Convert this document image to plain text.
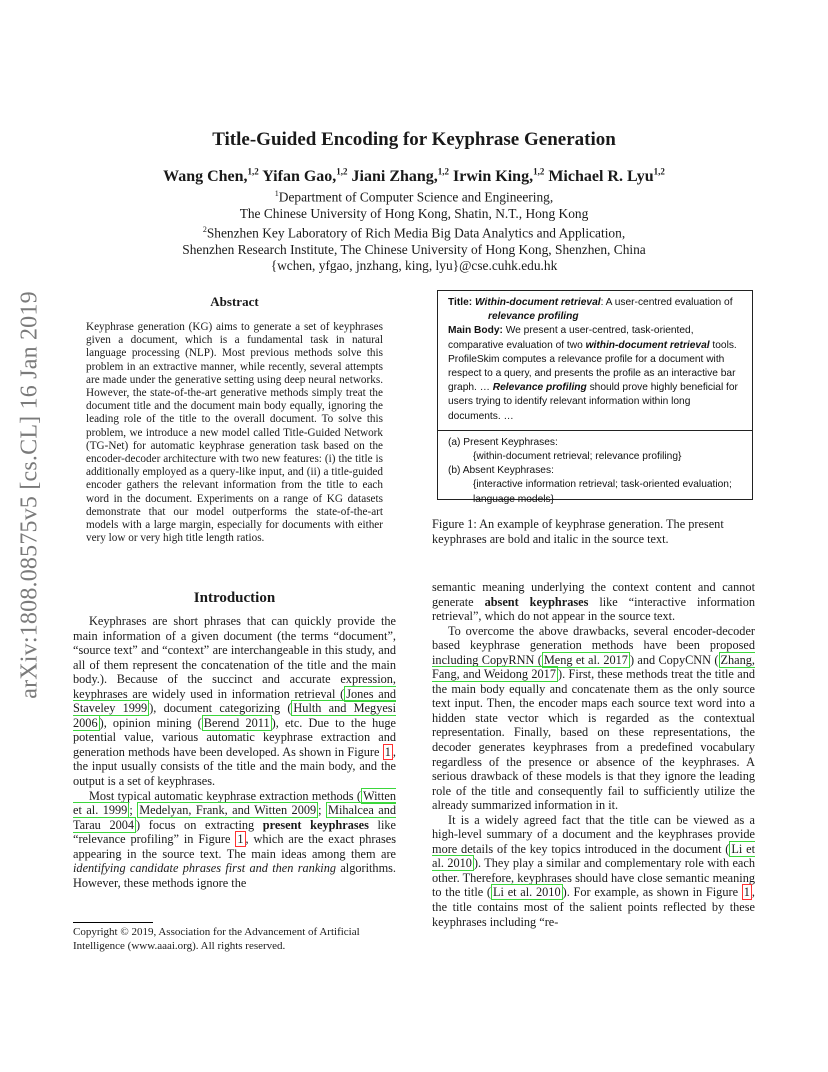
arXiv:1808.08575v5 [cs.CL] 16 Jan 2019
Title-Guided Encoding for Keyphrase Generation
Wang Chen,$^{1,2}$ Yifan Gao,$^{1,2}$ Jiani Zhang,$^{1,2}$ Irwin King,$^{1,2}$ Michael R. Lyu$^{1,2}$
$^1$Department of Computer Science and Engineering,
The Chinese University of Hong Kong, Shatin, N.T., Hong Kong
$^2$Shenzhen Key Laboratory of Rich Media Big Data Analytics and Application,
Shenzhen Research Institute, The Chinese University of Hong Kong, Shenzhen, China
{wchen, yfgao, jnzhang, king, lyu}@cse.cuhk.edu.hk
Abstract
Keyphrase generation (KG) aims to generate a set of keyphrases given a document, which is a fundamental task in natural language processing (NLP). Most previous methods solve this problem in an extractive manner, while recently, several attempts are made under the generative setting using deep neural networks. However, the state-of-the-art generative methods simply treat the document title and the document main body equally, ignoring the leading role of the title to the overall document. To solve this problem, we introduce a new model called Title-Guided Network (TG-Net) for automatic keyphrase generation task based on the encoder-decoder architecture with two new features: (i) the title is additionally employed as a query-like input, and (ii) a title-guided encoder gathers the relevant information from the title to each word in the document. Experiments on a range of KG datasets demonstrate that our model outperforms the state-of-the-art models with a large margin, especially for documents with either very low or very high title length ratios.
Introduction

Keyphrases are short phrases that can quickly provide the main information of a given document (the terms “document”, “source text” and “context” are interchangeable in this study, and all of them represent the concatenation of the title and the main body.). Because of the succinct and accurate expression, keyphrases are widely used in information retrieval ( Jones and Staveley 1999 ), document categorizing ( Hulth and Megyesi 2006 ), opinion mining ( Berend 2011 ), etc. Due to the huge potential value, various automatic keyphrase extraction and generation methods have been developed. As shown in Figure 1 , the input usually consists of the title and the main body, and the output is a set of keyphrases.

Most typical automatic keyphrase extraction methods ( Witten et al. 1999 ; Medelyan, Frank, and Witten 2009 ; Mihalcea and Tarau 2004 ) focus on extracting present keyphrases like “relevance profiling” in Figure 1 , which are the exact phrases appearing in the source text. The main ideas among them are identifying candidate phrases first and then ranking algorithms. However, these methods ignore the

Copyright © 2019, Association for the Advancement of Artificial Intelligence (www.aaai.org). All rights reserved.
Title: Within-document retrieval: A user-centred evaluation of
relevance profiling
Main Body: We present a user-centred, task-oriented, comparative evaluation of two within-document retrieval tools. ProfileSkim computes a relevance profile for a document with respect to a query, and presents the profile as an interactive bar graph. … Relevance profiling should prove highly beneficial for users trying to identify relevant information within long documents. …
(a) Present Keyphrases:
{within-document retrieval; relevance profiling}
(b) Absent Keyphrases:
{interactive information retrieval; task-oriented evaluation;
language models}
Figure 1: An example of keyphrase generation. The present keyphrases are bold and italic in the source text.

semantic meaning underlying the context content and cannot generate absent keyphrases like “interactive information retrieval”, which do not appear in the source text.

To overcome the above drawbacks, several encoder-decoder based keyphrase generation methods have been proposed including CopyRNN ( Meng et al. 2017 ) and CopyCNN ( Zhang, Fang, and Weidong 2017 ). First, these methods treat the title and the main body equally and concatenate them as the only source text input. Then, the encoder maps each source text word into a hidden state vector which is regarded as the contextual representation. Finally, based on these representations, the decoder generates keyphrases from a predefined vocabulary regardless of the presence or absence of the keyphrases. A serious drawback of these models is that they ignore the leading role of the title and consequently fail to sufficiently utilize the already summarized information in it.

It is a widely agreed fact that the title can be viewed as a high-level summary of a document and the keyphrases provide more details of the key topics introduced in the document ( Li et al. 2010 ). They play a similar and complementary role with each other. Therefore, keyphrases should have close semantic meaning to the title ( Li et al. 2010 ). For example, as shown in Figure 1 , the title contains most of the salient points reflected by these keyphrases including “re-
